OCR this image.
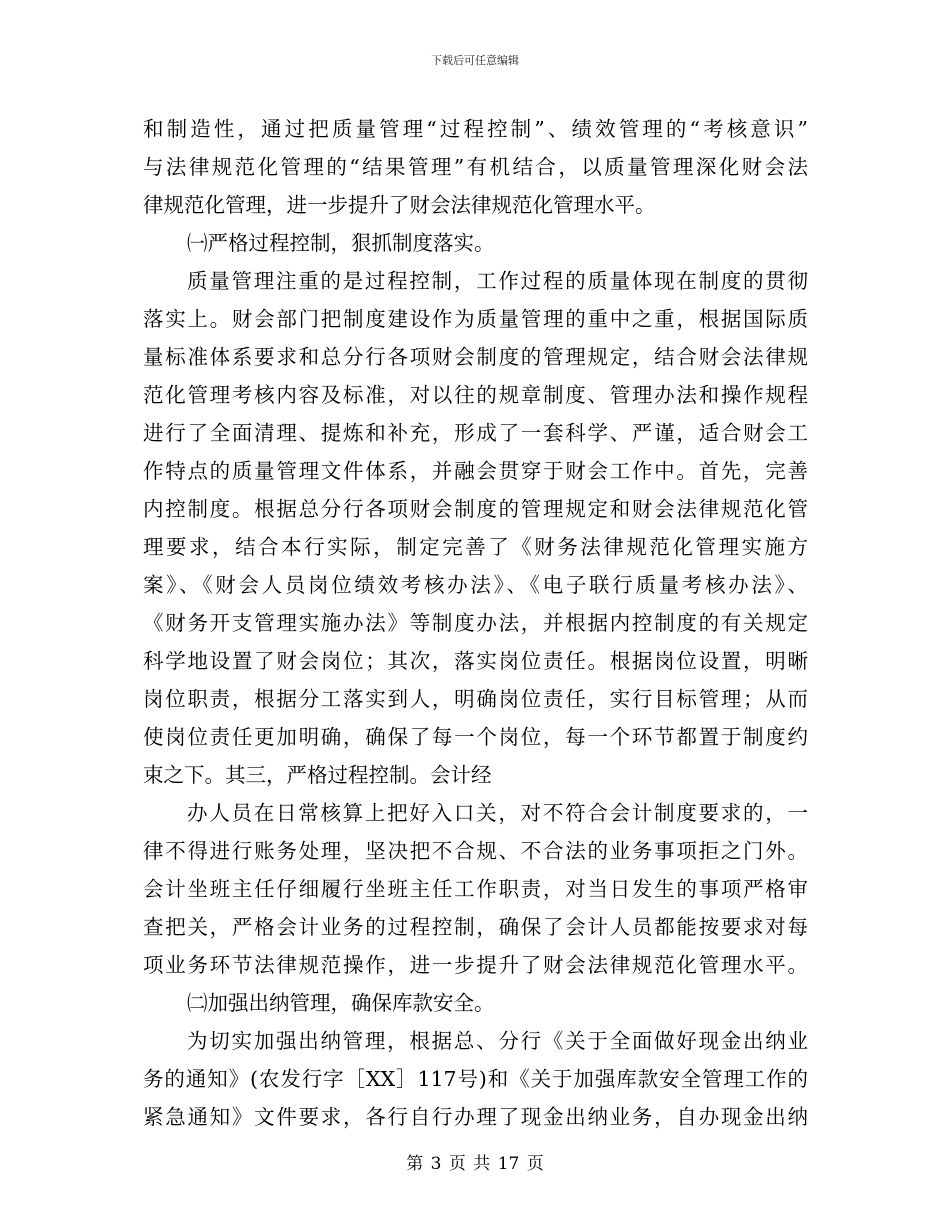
下载后可任意编辑
和制造性，通过把质量管理“过程控制”、绩效管理的“考核意识”
与法律规范化管理的“结果管理”有机结合，以质量管理深化财会法
律规范化管理，进一步提升了财会法律规范化管理水平。
㈠严格过程控制，狠抓制度落实。
质量管理注重的是过程控制，工作过程的质量体现在制度的贯彻
落实上。财会部门把制度建设作为质量管理的重中之重，根据国际质
量标准体系要求和总分行各项财会制度的管理规定，结合财会法律规
范化管理考核内容及标准，对以往的规章制度、管理办法和操作规程
进行了全面清理、提炼和补充，形成了一套科学、严谨，适合财会工
作特点的质量管理文件体系，并融会贯穿于财会工作中。首先，完善
内控制度。根据总分行各项财会制度的管理规定和财会法律规范化管
理要求，结合本行实际，制定完善了《财务法律规范化管理实施方
案》、《财会人员岗位绩效考核办法》、《电子联行质量考核办法》、
《财务开支管理实施办法》等制度办法，并根据内控制度的有关规定
科学地设置了财会岗位；其次，落实岗位责任。根据岗位设置，明晰
岗位职责，根据分工落实到人，明确岗位责任，实行目标管理；从而
使岗位责任更加明确，确保了每一个岗位，每一个环节都置于制度约
束之下。其三，严格过程控制。会计经
办人员在日常核算上把好入口关，对不符合会计制度要求的，一
律不得进行账务处理，坚决把不合规、不合法的业务事项拒之门外。
会计坐班主任仔细履行坐班主任工作职责，对当日发生的事项严格审
查把关，严格会计业务的过程控制，确保了会计人员都能按要求对每
项业务环节法律规范操作，进一步提升了财会法律规范化管理水平。
㈡加强出纳管理，确保库款安全。
为切实加强出纳管理，根据总、分行《关于全面做好现金出纳业
务的通知》(农发行字［XX］117号)和《关于加强库款安全管理工作的
紧急通知》文件要求，各行自行办理了现金出纳业务，自办现金出纳
第 3 页 共 17 页
